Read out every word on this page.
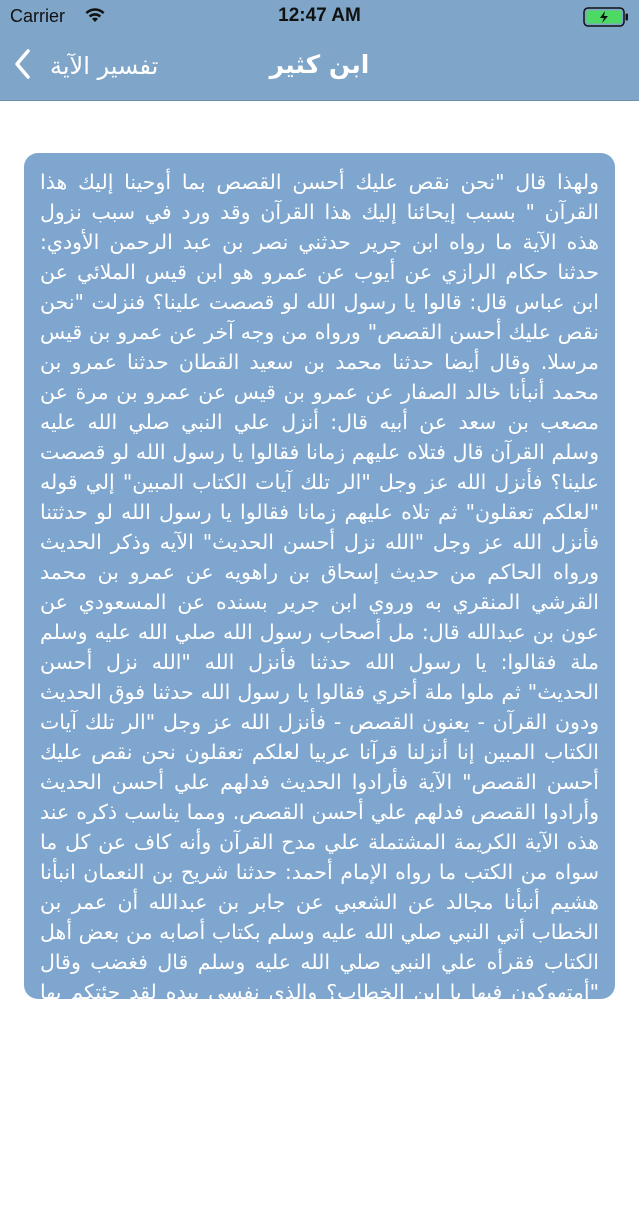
Carrier	12:47 AM
تفسير الآية	ابن كثير

ولهذا قال "نحن نقص عليك أحسن القصص بما أوحينا إليك هذا القرآن " بسبب إيحائنا إليك هذا القرآن وقد ورد في سبب نزول هذه الآية ما رواه ابن جرير حدثني نصر بن عبد الرحمن الأودي: حدثنا حكام الرازي عن أيوب عن عمرو هو ابن قيس الملائي عن ابن عباس قال: قالوا يا رسول الله لو قصصت علينا؟ فنزلت "نحن نقص عليك أحسن القصص" ورواه من وجه آخر عن عمرو بن قيس مرسلا. وقال أيضا حدثنا محمد بن سعيد القطان حدثنا عمرو بن محمد أنبأنا خالد الصفار عن عمرو بن قيس عن عمرو بن مرة عن مصعب بن سعد عن أبيه قال: أنزل علي النبي صلي الله عليه وسلم القرآن قال فتلاه عليهم زمانا فقالوا يا رسول الله لو قصصت علينا؟ فأنزل الله عز وجل "الر تلك آيات الكتاب المبين" إلي قوله "لعلكم تعقلون" ثم تلاه عليهم زمانا فقالوا يا رسول الله لو حدثتنا فأنزل الله عز وجل "الله نزل أحسن الحديث" الآيه وذكر الحديث ورواه الحاكم من حديث إسحاق بن راهويه عن عمرو بن محمد القرشي المنقري به وروي ابن جرير بسنده عن المسعودي عن عون بن عبدالله قال: مل أصحاب رسول الله صلي الله عليه وسلم ملة فقالوا: يا رسول الله حدثنا فأنزل الله "الله نزل أحسن الحديث" ثم ملوا ملة أخري فقالوا يا رسول الله حدثنا فوق الحديث ودون القرآن - يعنون القصص - فأنزل الله عز وجل "الر تلك آيات الكتاب المبين إنا أنزلنا قرآنا عربيا لعلكم تعقلون نحن نقص عليك أحسن القصص" الآية فأرادوا الحديث فدلهم علي أحسن الحديث وأرادوا القصص فدلهم علي أحسن القصص. ومما يناسب ذكره عند هذه الآية الكريمة المشتملة علي مدح القرآن وأنه كاف عن كل ما سواه من الكتب ما رواه الإمام أحمد: حدثنا شريح بن النعمان انبأنا هشيم أنبأنا مجالد عن الشعبي عن جابر بن عبدالله أن عمر بن الخطاب أتي النبي صلي الله عليه وسلم بكتاب أصابه من بعض أهل الكتاب فقرأه علي النبي صلي الله عليه وسلم قال فغضب وقال "أمتهوكون فيها يا ابن الخطاب؟ والذي نفسي بيده لقد جئتكم بها بيضاء نقية لا تسألوهم عن شيء فيخبروكم بحق فتكذبونه أو بباطل فتصدقونه والذي نفسي بيده لو أن موسي كان حيا ما وسعه إلا أن يتبعني" وقال الإمام أحمد: حدثنا عبد الرزاق أنا سفيان عن جابر عن الشعبي عن عبدالله بن ثابت قال: جاء عمر إلي رسول الله صلي الله عليه وسلم فقال: يا رسول الله إني مررت بأخ لي من قريظة فكتب لي جوامع من التوراة ألا أعرضها عليك؟ قال فتغير وجه رسول
